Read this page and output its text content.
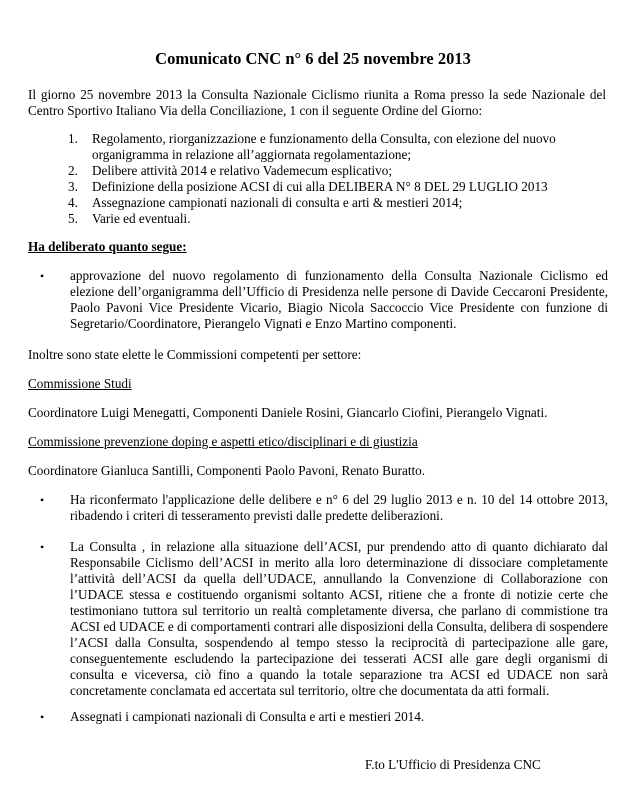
Comunicato CNC n° 6 del 25 novembre 2013
Il giorno 25 novembre 2013 la Consulta Nazionale Ciclismo riunita a Roma presso la sede Nazionale del Centro Sportivo Italiano Via della Conciliazione, 1 con il seguente Ordine del Giorno:
1. Regolamento, riorganizzazione e funzionamento della Consulta, con elezione del nuovo organigramma in relazione all’aggiornata regolamentazione;
2. Delibere attività 2014 e relativo Vademecum esplicativo;
3. Definizione della posizione ACSI di cui alla DELIBERA N° 8 DEL 29 LUGLIO 2013
4. Assegnazione campionati nazionali di consulta e arti & mestieri 2014;
5. Varie ed eventuali.
Ha deliberato quanto segue:
• approvazione del nuovo regolamento di funzionamento della Consulta Nazionale Ciclismo ed elezione dell’organigramma dell’Ufficio di Presidenza nelle persone di Davide Ceccaroni Presidente, Paolo Pavoni Vice Presidente Vicario, Biagio Nicola Saccoccio Vice Presidente con funzione di Segretario/Coordinatore, Pierangelo Vignati e Enzo Martino componenti.
Inoltre sono state elette le Commissioni competenti per settore:
Commissione Studi
Coordinatore Luigi Menegatti, Componenti Daniele Rosini, Giancarlo Ciofini, Pierangelo Vignati.
Commissione prevenzione doping e aspetti etico/disciplinari e di giustizia
Coordinatore Gianluca Santilli, Componenti Paolo Pavoni, Renato Buratto.
• Ha riconfermato l'applicazione delle delibere e n° 6 del 29 luglio 2013 e n. 10 del 14 ottobre 2013, ribadendo i criteri di tesseramento previsti dalle predette deliberazioni.
• La Consulta , in relazione alla situazione dell’ACSI, pur prendendo atto di quanto dichiarato dal Responsabile Ciclismo dell’ACSI in merito alla loro determinazione di dissociare completamente l’attività dell’ACSI da quella dell’UDACE, annullando la Convenzione di Collaborazione con l’UDACE stessa e costituendo organismi soltanto ACSI, ritiene che a fronte di notizie certe che testimoniano tuttora sul territorio un realtà completamente diversa, che parlano di commistione tra ACSI ed UDACE e di comportamenti contrari alle disposizioni della Consulta, delibera di sospendere l’ACSI dalla Consulta, sospendendo al tempo stesso la reciprocità di partecipazione alle gare, conseguentemente escludendo la partecipazione dei tesserati ACSI alle gare degli organismi di consulta e viceversa, ciò fino a quando la totale separazione tra ACSI ed UDACE non sarà concretamente conclamata ed accertata sul territorio, oltre che documentata da atti formali.
• Assegnati i campionati nazionali di Consulta e arti e mestieri 2014.
F.to L'Ufficio di Presidenza CNC
